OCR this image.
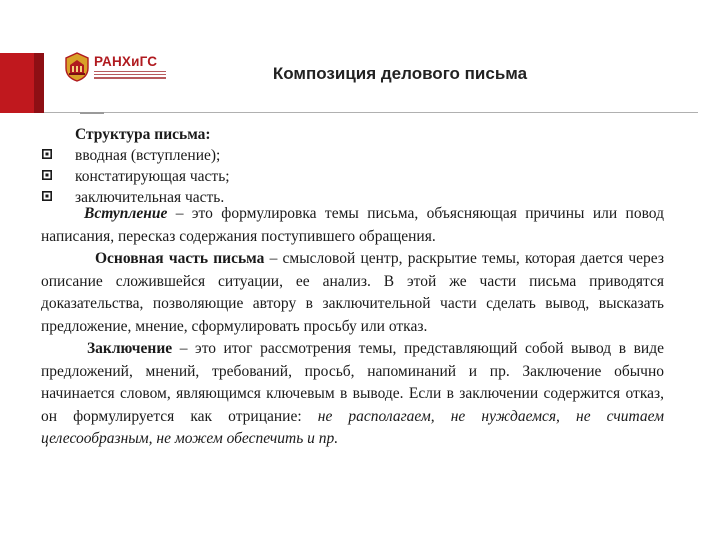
РАНХиГС
Композиция делового письма
Структура письма:
вводная (вступление);
констатирующая часть;
заключительная часть.

Вступление – это формулировка темы письма, объясняющая причины или повод написания, пересказ содержания поступившего обращения.

Основная часть письма – смысловой центр, раскрытие темы, которая дается через описание сложившейся ситуации, ее анализ. В этой же части письма приводятся доказательства, позволяющие автору в заключительной части сделать вывод, высказать предложение, мнение, сформулировать просьбу или отказ.

Заключение – это итог рассмотрения темы, представляющий собой вывод в виде предложений, мнений, требований, просьб, напоминаний и пр. Заключение обычно начинается словом, являющимся ключевым в выводе. Если в заключении содержится отказ, он формулируется как отрицание: не располагаем, не нуждаемся, не считаем целесообразным, не можем обеспечить и пр.
